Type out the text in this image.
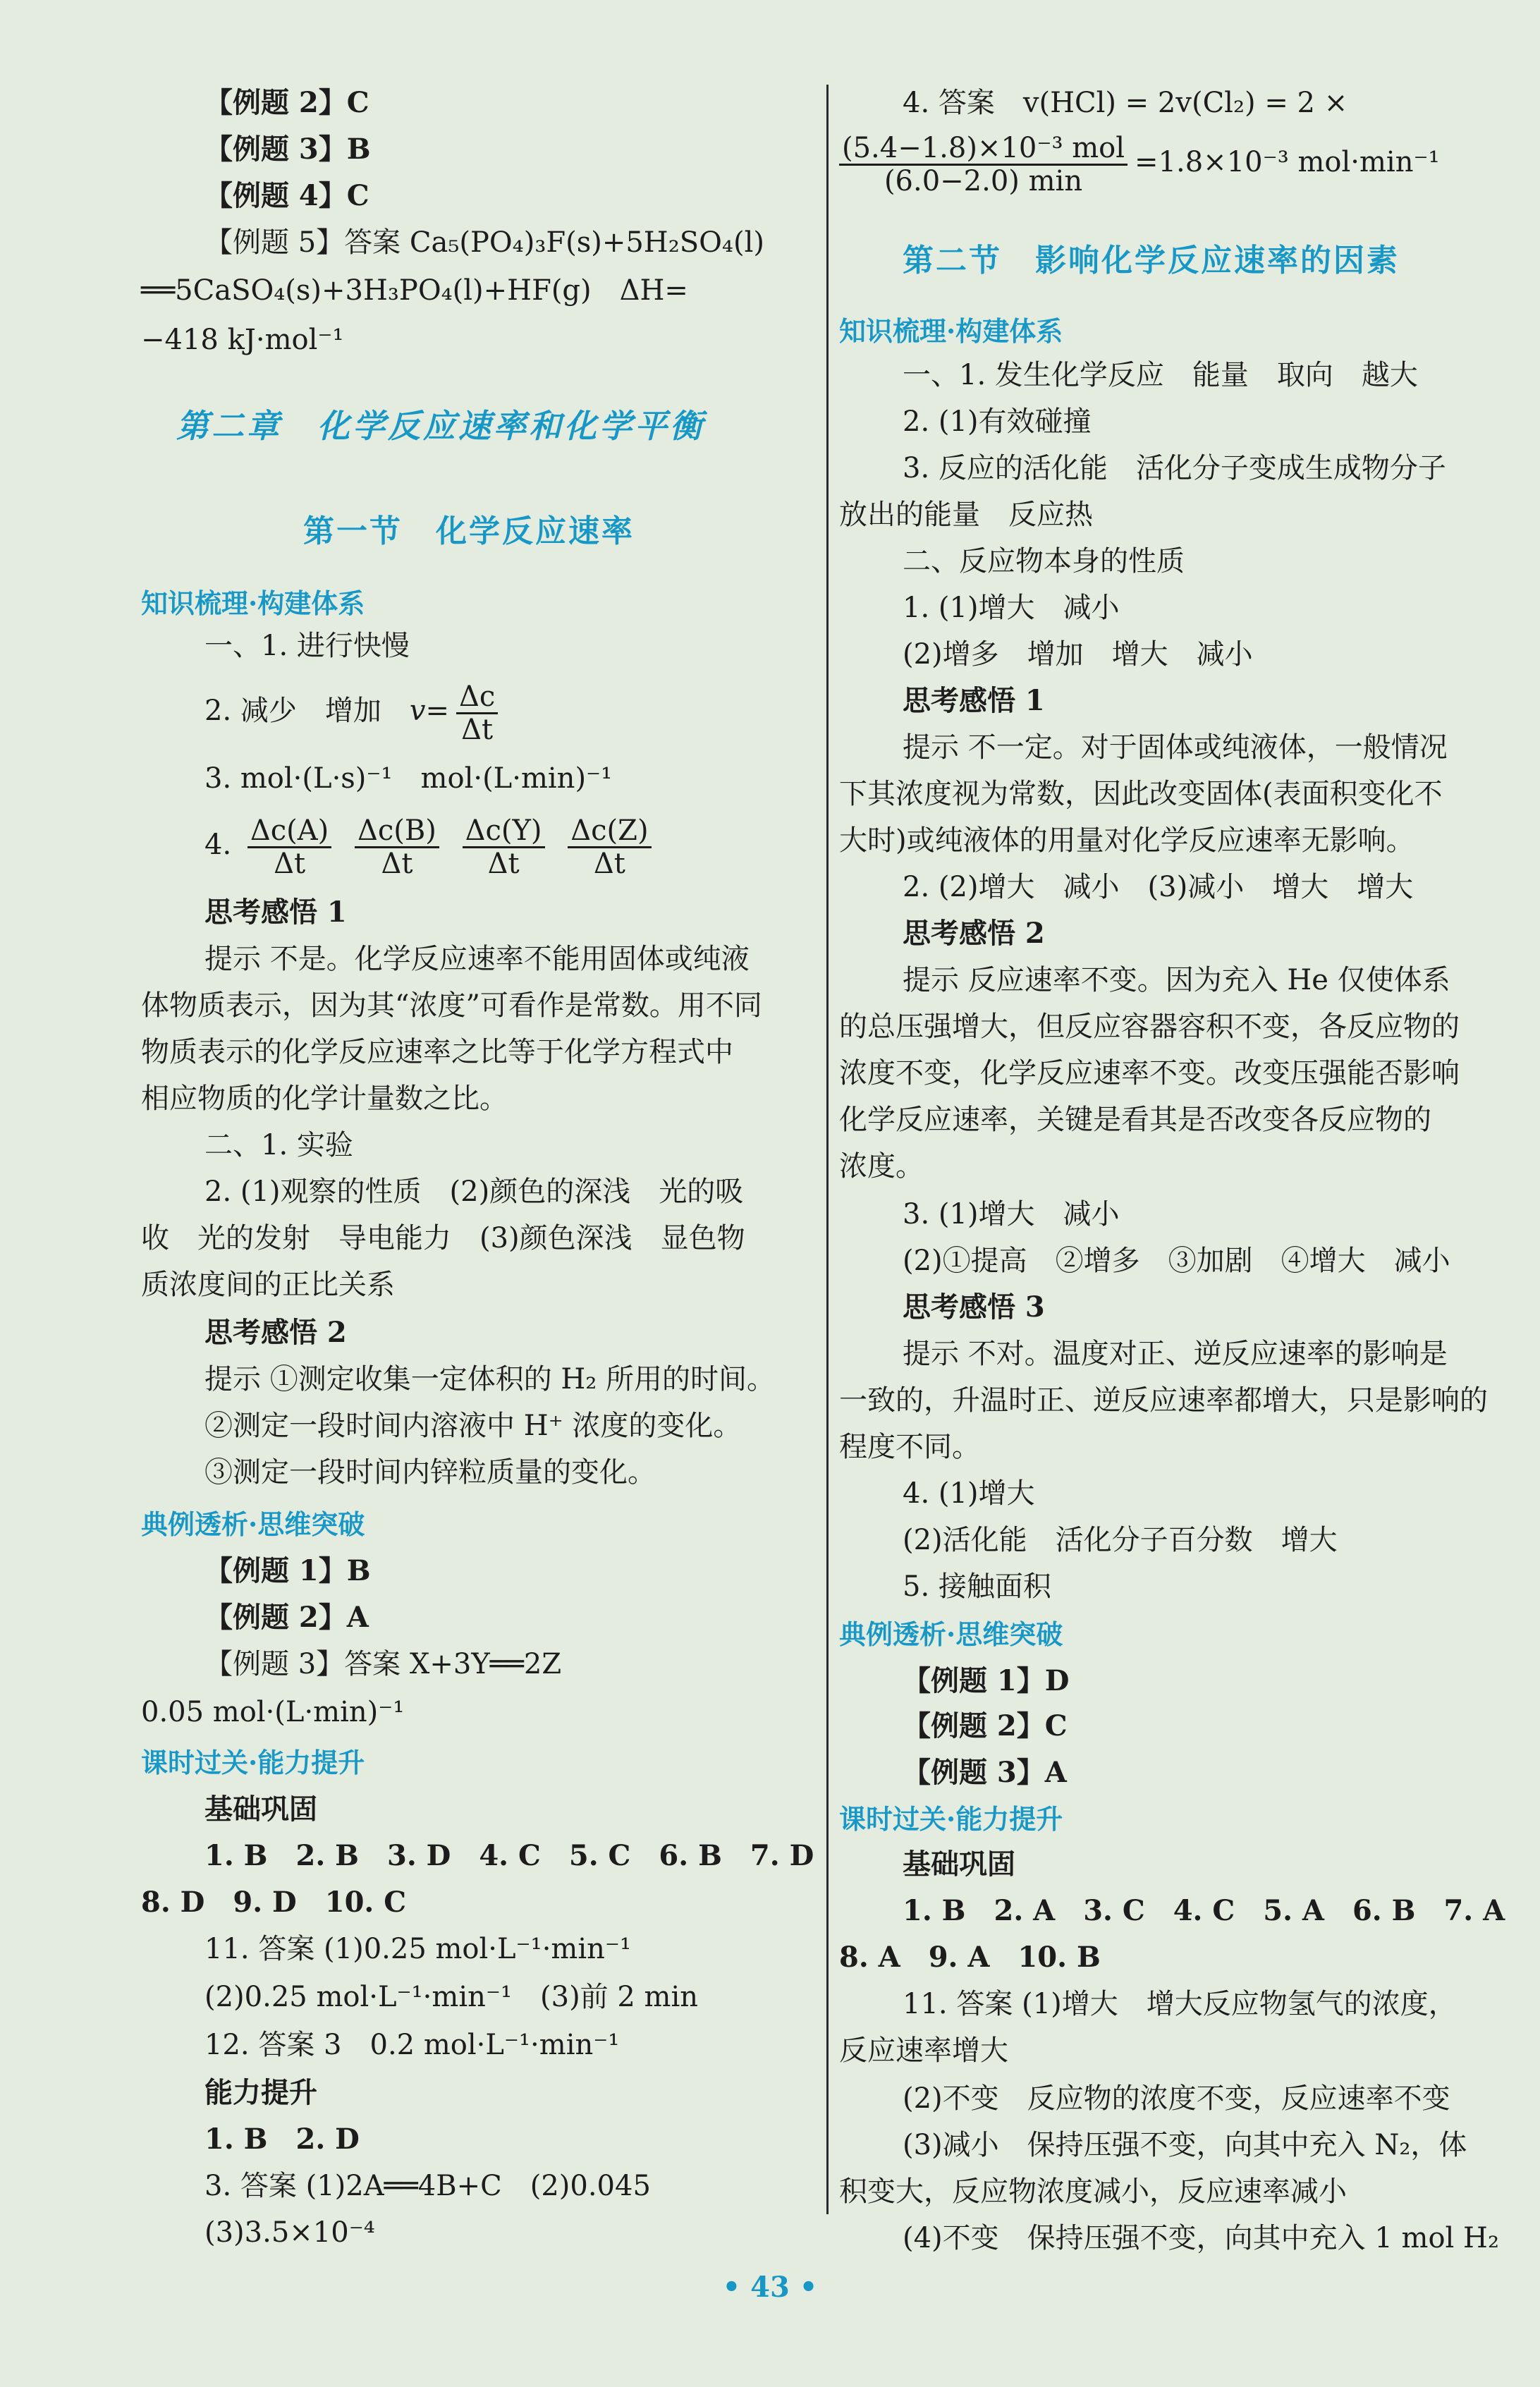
【例题 2】C
【例题 3】B
【例题 4】C
【例题 5】答案 Ca₅(PO₄)₃F(s)+5H₂SO₄(l)
══5CaSO₄(s)+3H₃PO₄(l)+HF(g)　ΔH=
−418 kJ·mol⁻¹
第二章　化学反应速率和化学平衡
第一节　化学反应速率
知识梳理·构建体系
一、1. 进行快慢
2. 减少　增加　$v= \frac{\Delta c}{\Delta t}$
3. mol·(L·s)⁻¹　mol·(L·min)⁻¹
4. $\frac{\Delta c(A)}{\Delta t}$
$\frac{\Delta c(B)}{\Delta t}$
$\frac{\Delta c(Y)}{\Delta t}$
$\frac{\Delta c(Z)}{\Delta t}$
思考感悟 1
提示 不是。化学反应速率不能用固体或纯液
体物质表示，因为其“浓度”可看作是常数。用不同
物质表示的化学反应速率之比等于化学方程式中
相应物质的化学计量数之比。
二、1. 实验
2. (1)观察的性质　(2)颜色的深浅　光的吸
收　光的发射　导电能力　(3)颜色深浅　显色物
质浓度间的正比关系
思考感悟 2
提示 ①测定收集一定体积的 H₂ 所用的时间。
②测定一段时间内溶液中 H⁺ 浓度的变化。
③测定一段时间内锌粒质量的变化。
典例透析·思维突破
【例题 1】B
【例题 2】A
【例题 3】答案 X+3Y══2Z
0.05 mol·(L·min)⁻¹
课时过关·能力提升
基础巩固
1. B　2. B　3. D　4. C　5. C　6. B　7. D
8. D　9. D　10. C
11. 答案 (1)0.25 mol·L⁻¹·min⁻¹
(2)0.25 mol·L⁻¹·min⁻¹　(3)前 2 min
12. 答案 3　0.2 mol·L⁻¹·min⁻¹
能力提升
1. B　2. D
3. 答案 (1)2A══4B+C　(2)0.045
(3)3.5×10⁻⁴
4. 答案　v(HCl) = 2v(Cl₂) = 2 ×
$\frac{\text{(5.4−1.8)×10⁻³ mol}}{(6.0-2.0) \min} =1.8\times 10^{-3}$ mol·min⁻¹
第二节　影响化学反应速率的因素
知识梳理·构建体系
一、1. 发生化学反应　能量　取向　越大
2. (1)有效碰撞
3. 反应的活化能　活化分子变成生成物分子
放出的能量　反应热
二、反应物本身的性质
1. (1)增大　减小
(2)增多　增加　增大　减小
思考感悟 1
提示 不一定。对于固体或纯液体，一般情况
下其浓度视为常数，因此改变固体(表面积变化不
大时)或纯液体的用量对化学反应速率无影响。
2. (2)增大　减小　(3)减小　增大　增大
思考感悟 2
提示 反应速率不变。因为充入 He 仅使体系
的总压强增大，但反应容器容积不变，各反应物的
浓度不变，化学反应速率不变。改变压强能否影响
化学反应速率，关键是看其是否改变各反应物的
浓度。
3. (1)增大　减小
(2)①提高　②增多　③加剧　④增大　减小
思考感悟 3
提示 不对。温度对正、逆反应速率的影响是
一致的，升温时正、逆反应速率都增大，只是影响的
程度不同。
4. (1)增大
(2)活化能　活化分子百分数　增大
5. 接触面积
典例透析·思维突破
【例题 1】D
【例题 2】C
【例题 3】A
课时过关·能力提升
基础巩固
1. B　2. A　3. C　4. C　5. A　6. B　7. A
8. A　9. A　10. B
11. 答案 (1)增大　增大反应物氢气的浓度，
反应速率增大
(2)不变　反应物的浓度不变，反应速率不变
(3)减小　保持压强不变，向其中充入 N₂，体
积变大，反应物浓度减小，反应速率减小
(4)不变　保持压强不变，向其中充入 1 mol H₂
• 43 •
